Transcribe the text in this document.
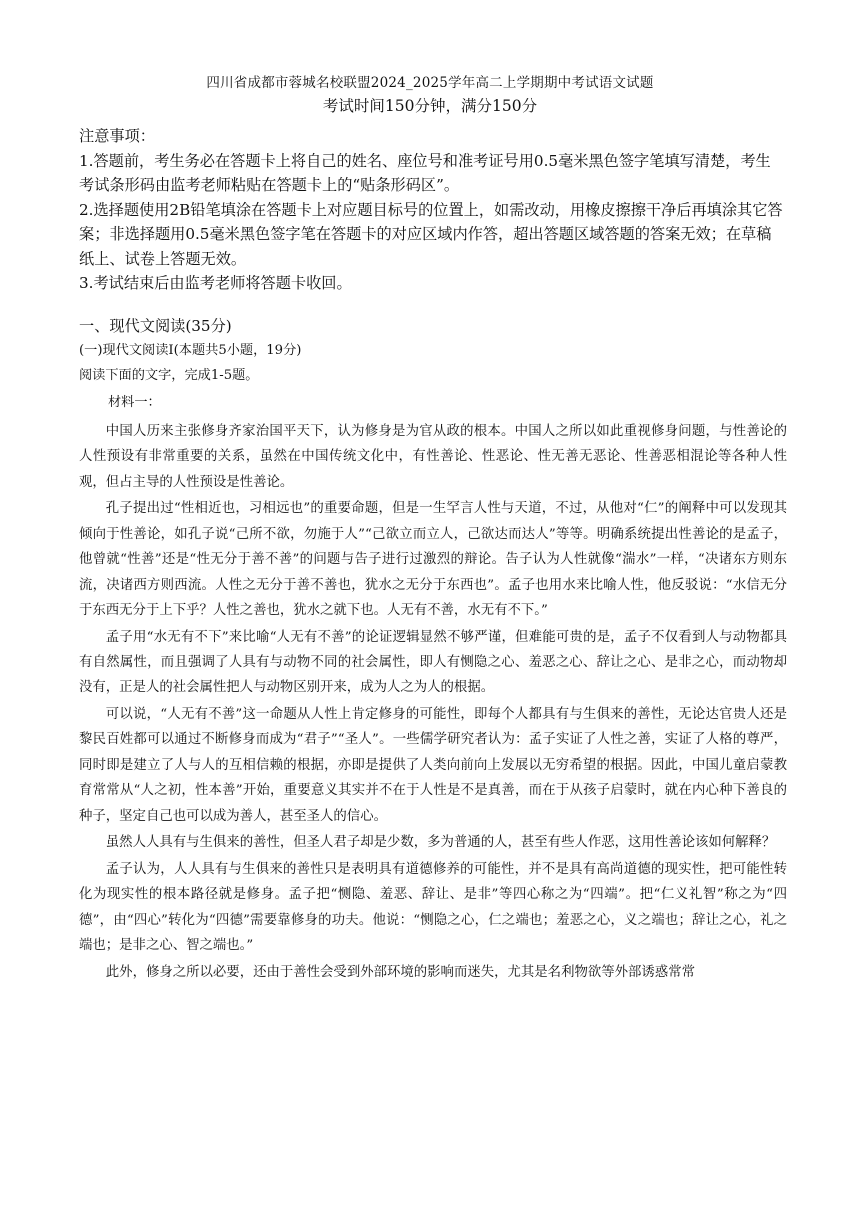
四川省成都市蓉城名校联盟2024_2025学年高二上学期期中考试语文试题
考试时间150分钟，满分150分

注意事项：

1.答题前，考生务必在答题卡上将自己的姓名、座位号和准考证号用0.5毫米黑色签字笔填写清楚，考生考试条形码由监考老师粘贴在答题卡上的“贴条形码区”。

2.选择题使用2B铅笔填涂在答题卡上对应题目标号的位置上，如需改动，用橡皮擦擦干净后再填涂其它答案；非选择题用0.5毫米黑色签字笔在答题卡的对应区域内作答，超出答题区域答题的答案无效；在草稿纸上、试卷上答题无效。

3.考试结束后由监考老师将答题卡收回。

一、现代文阅读(35分)
(一)现代文阅读Ⅰ(本题共5小题，19分)
阅读下面的文字，完成1-5题。
材料一：

中国人历来主张修身齐家治国平天下，认为修身是为官从政的根本。中国人之所以如此重视修身问题，与性善论的人性预设有非常重要的关系，虽然在中国传统文化中，有性善论、性恶论、性无善无恶论、性善恶相混论等各种人性观，但占主导的人性预设是性善论。

孔子提出过“性相近也，习相远也”的重要命题，但是一生罕言人性与天道，不过，从他对“仁”的阐释中可以发现其倾向于性善论，如孔子说“己所不欲，勿施于人”“己欲立而立人，己欲达而达人”等等。明确系统提出性善论的是孟子，他曾就“性善”还是“性无分于善不善”的问题与告子进行过激烈的辩论。告子认为人性就像“湍水”一样，“决诸东方则东流，决诸西方则西流。人性之无分于善不善也，犹水之无分于东西也”。孟子也用水来比喻人性，他反驳说：“水信无分于东西无分于上下乎？人性之善也，犹水之就下也。人无有不善，水无有不下。”

孟子用“水无有不下”来比喻“人无有不善”的论证逻辑显然不够严谨，但难能可贵的是，孟子不仅看到人与动物都具有自然属性，而且强调了人具有与动物不同的社会属性，即人有恻隐之心、羞恶之心、辞让之心、是非之心，而动物却没有，正是人的社会属性把人与动物区别开来，成为人之为人的根据。

可以说，“人无有不善”这一命题从人性上肯定修身的可能性，即每个人都具有与生俱来的善性，无论达官贵人还是黎民百姓都可以通过不断修身而成为“君子”“圣人”。一些儒学研究者认为：孟子实证了人性之善，实证了人格的尊严，同时即是建立了人与人的互相信赖的根据，亦即是提供了人类向前向上发展以无穷希望的根据。因此，中国儿童启蒙教育常常从“人之初，性本善”开始，重要意义其实并不在于人性是不是真善，而在于从孩子启蒙时，就在内心种下善良的种子，坚定自己也可以成为善人，甚至圣人的信心。

虽然人人具有与生俱来的善性，但圣人君子却是少数，多为普通的人，甚至有些人作恶，这用性善论该如何解释？

孟子认为，人人具有与生俱来的善性只是表明具有道德修养的可能性，并不是具有高尚道德的现实性，把可能性转化为现实性的根本路径就是修身。孟子把“恻隐、羞恶、辞让、是非”等四心称之为“四端”。把“仁义礼智”称之为“四德”，由“四心”转化为“四德”需要靠修身的功夫。他说：“恻隐之心，仁之端也；羞恶之心，义之端也；辞让之心，礼之端也；是非之心、智之端也。”

此外，修身之所以必要，还由于善性会受到外部环境的影响而迷失，尤其是名利物欲等外部诱惑常常
